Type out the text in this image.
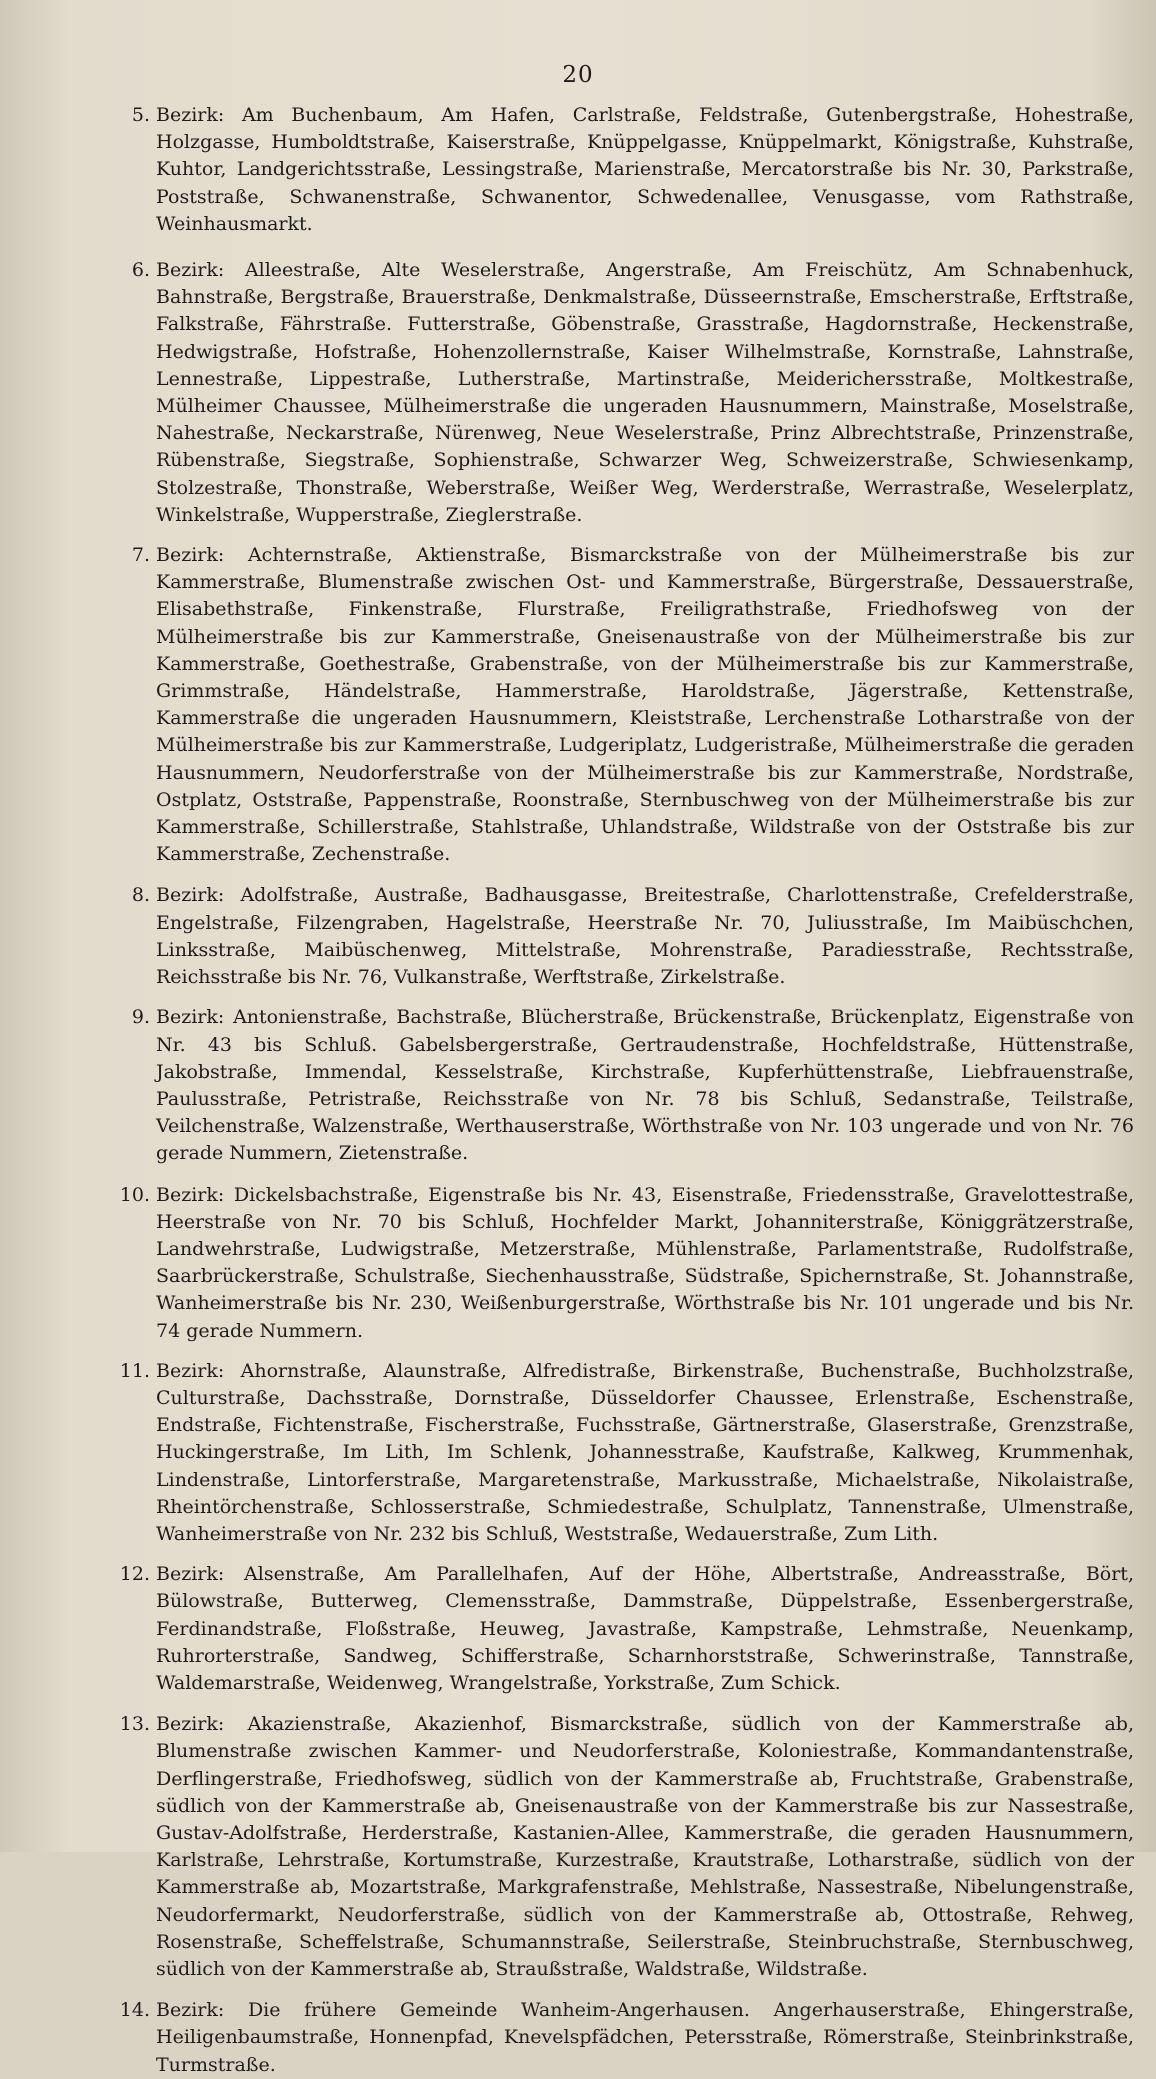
20
5. Bezirk: Am Buchenbaum, Am Hafen, Carlstraße, Feldstraße, Gutenbergstraße, Hohestraße, Holzgasse, Humboldtstraße, Kaiserstraße, Knüppelgasse, Knüppelmarkt, Königstraße, Kuhstraße, Kuhtor, Landgerichtsstraße, Lessingstraße, Marienstraße, Mercatorstraße bis Nr. 30, Parkstraße, Poststraße, Schwanenstraße, Schwanentor, Schwedenallee, Venusgasse, vom Rathstraße, Weinhausmarkt.
6. Bezirk: Alleestraße, Alte Weselerstraße, Angerstraße, Am Freischütz, Am Schnabenhuck, Bahnstraße, Bergstraße, Brauerstraße, Denkmalstraße, Düsseernstraße, Emscherstraße, Erftstraße, Falkstraße, Fährstraße. Futterstraße, Göbenstraße, Grasstraße, Hagdornstraße, Heckenstraße, Hedwigstraße, Hofstraße, Hohenzollernstraße, Kaiser Wilhelmstraße, Kornstraße, Lahnstraße, Lennestraße, Lippestraße, Lutherstraße, Martinstraße, Meiderichersstraße, Moltkestraße, Mülheimer Chaussee, Mülheimerstraße die ungeraden Hausnummern, Mainstraße, Moselstraße, Nahestraße, Neckarstraße, Nürenweg, Neue Weselerstraße, Prinz Albrechtstraße, Prinzenstraße, Rübenstraße, Siegstraße, Sophienstraße, Schwarzer Weg, Schweizerstraße, Schwiesenkamp, Stolzestraße, Thonstraße, Weberstraße, Weißer Weg, Werderstraße, Werrastraße, Weselerplatz, Winkelstraße, Wupperstraße, Zieglerstraße.
7. Bezirk: Achternstraße, Aktienstraße, Bismarckstraße von der Mülheimerstraße bis zur Kammerstraße, Blumenstraße zwischen Ost- und Kammerstraße, Bürgerstraße, Dessauerstraße, Elisabethstraße, Finkenstraße, Flurstraße, Freiligrathstraße, Friedhofsweg von der Mülheimerstraße bis zur Kammerstraße, Gneisenaustraße von der Mülheimerstraße bis zur Kammerstraße, Goethestraße, Grabenstraße, von der Mülheimerstraße bis zur Kammerstraße, Grimmstraße, Händelstraße, Hammerstraße, Haroldstraße, Jägerstraße, Kettenstraße, Kammerstraße die ungeraden Hausnummern, Kleiststraße, Lerchenstraße Lotharstraße von der Mülheimerstraße bis zur Kammerstraße, Ludgeriplatz, Ludgeristraße, Mülheimerstraße die geraden Hausnummern, Neudorferstraße von der Mülheimerstraße bis zur Kammerstraße, Nordstraße, Ostplatz, Oststraße, Pappenstraße, Roonstraße, Sternbuschweg von der Mülheimerstraße bis zur Kammerstraße, Schillerstraße, Stahlstraße, Uhlandstraße, Wildstraße von der Oststraße bis zur Kammerstraße, Zechenstraße.
8. Bezirk: Adolfstraße, Austraße, Badhausgasse, Breitestraße, Charlottenstraße, Crefelderstraße, Engelstraße, Filzengraben, Hagelstraße, Heerstraße Nr. 70, Juliusstraße, Im Maibüschchen, Linksstraße, Maibüschenweg, Mittelstraße, Mohrenstraße, Paradiesstraße, Rechtsstraße, Reichsstraße bis Nr. 76, Vulkanstraße, Werftstraße, Zirkelstraße.
9. Bezirk: Antonienstraße, Bachstraße, Blücherstraße, Brückenstraße, Brückenplatz, Eigenstraße von Nr. 43 bis Schluß. Gabelsbergerstraße, Gertraudenstraße, Hochfeldstraße, Hüttenstraße, Jakobstraße, Immendal, Kesselstraße, Kirchstraße, Kupferhüttenstraße, Liebfrauenstraße, Paulusstraße, Petristraße, Reichsstraße von Nr. 78 bis Schluß, Sedanstraße, Teilstraße, Veilchenstraße, Walzenstraße, Werthauserstraße, Wörthstraße von Nr. 103 ungerade und von Nr. 76 gerade Nummern, Zietenstraße.
10. Bezirk: Dickelsbachstraße, Eigenstraße bis Nr. 43, Eisenstraße, Friedensstraße, Gravelottestraße, Heerstraße von Nr. 70 bis Schluß, Hochfelder Markt, Johanniterstraße, Königgrätzerstraße, Landwehrstraße, Ludwigstraße, Metzerstraße, Mühlenstraße, Parlamentstraße, Rudolfstraße, Saarbrückerstraße, Schulstraße, Siechenhausstraße, Südstraße, Spichernstraße, St. Johannstraße, Wanheimerstraße bis Nr. 230, Weißenburgerstraße, Wörthstraße bis Nr. 101 ungerade und bis Nr. 74 gerade Nummern.
11. Bezirk: Ahornstraße, Alaunstraße, Alfredistraße, Birkenstraße, Buchenstraße, Buchholzstraße, Culturstraße, Dachsstraße, Dornstraße, Düsseldorfer Chaussee, Erlenstraße, Eschenstraße, Endstraße, Fichtenstraße, Fischerstraße, Fuchsstraße, Gärtnerstraße, Glaserstraße, Grenzstraße, Huckingerstraße, Im Lith, Im Schlenk, Johannesstraße, Kaufstraße, Kalkweg, Krummenhak, Lindenstraße, Lintorferstraße, Margaretenstraße, Markusstraße, Michaelstraße, Nikolaistraße, Rheintörchenstraße, Schlosserstraße, Schmiedestraße, Schulplatz, Tannenstraße, Ulmenstraße, Wanheimerstraße von Nr. 232 bis Schluß, Weststraße, Wedauerstraße, Zum Lith.
12. Bezirk: Alsenstraße, Am Parallelhafen, Auf der Höhe, Albertstraße, Andreasstraße, Bört, Bülowstraße, Butterweg, Clemensstraße, Dammstraße, Düppelstraße, Essenbergerstraße, Ferdinandstraße, Floßstraße, Heuweg, Javastraße, Kampstraße, Lehmstraße, Neuenkamp, Ruhrorterstraße, Sandweg, Schifferstraße, Scharnhorststraße, Schwerinstraße, Tannstraße, Waldemarstraße, Weidenweg, Wrangelstraße, Yorkstraße, Zum Schick.
13. Bezirk: Akazienstraße, Akazienhof, Bismarckstraße, südlich von der Kammerstraße ab, Blumenstraße zwischen Kammer- und Neudorferstraße, Koloniestraße, Kommandantenstraße, Derflingerstraße, Friedhofsweg, südlich von der Kammerstraße ab, Fruchtstraße, Grabenstraße, südlich von der Kammerstraße ab, Gneisenaustraße von der Kammerstraße bis zur Nassestraße, Gustav-Adolfstraße, Herderstraße, Kastanien-Allee, Kammerstraße, die geraden Hausnummern, Karlstraße, Lehrstraße, Kortumstraße, Kurzestraße, Krautstraße, Lotharstraße, südlich von der Kammerstraße ab, Mozartstraße, Markgrafenstraße, Mehlstraße, Nassestraße, Nibelungenstraße, Neudorfermarkt, Neudorferstraße, südlich von der Kammerstraße ab, Ottostraße, Rehweg, Rosenstraße, Scheffelstraße, Schumannstraße, Seilerstraße, Steinbruchstraße, Sternbuschweg, südlich von der Kammerstraße ab, Straußstraße, Waldstraße, Wildstraße.
14. Bezirk: Die frühere Gemeinde Wanheim-Angerhausen. Angerhauserstraße, Ehingerstraße, Heiligenbaumstraße, Honnenpfad, Knevelspfädchen, Petersstraße, Römerstraße, Steinbrinkstraße, Turmstraße.
